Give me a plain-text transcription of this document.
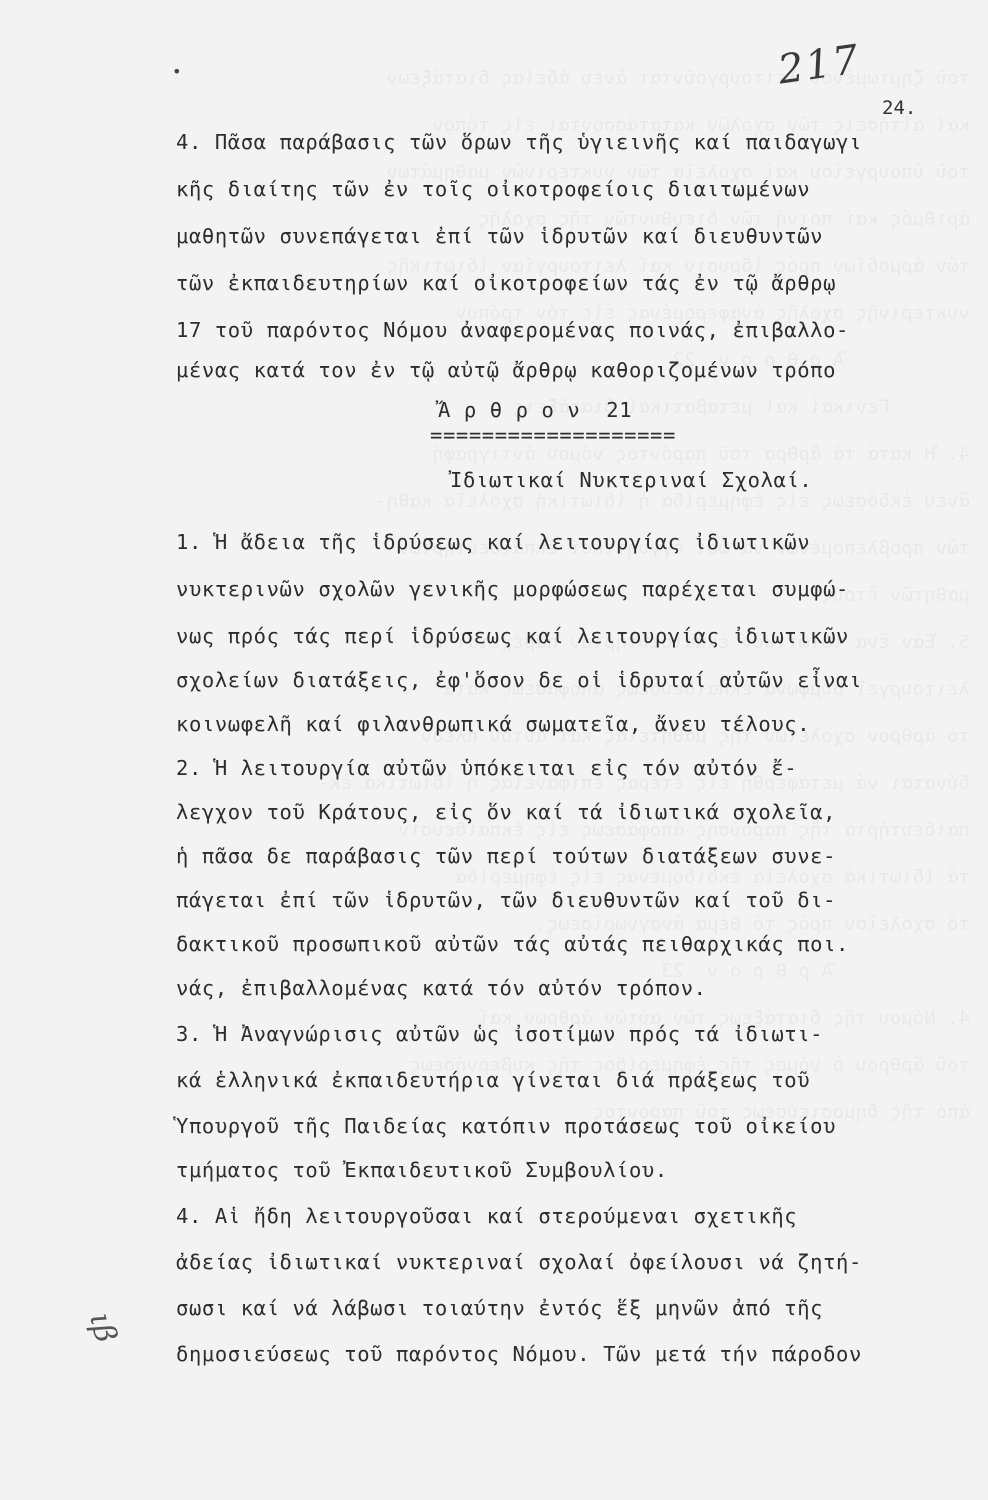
•	217
24.
4. Πᾶσα παράβασις τῶν ὅρων τῆς ὑγιεινῆς καί παιδαγωγι
κῆς διαίτης τῶν ἐν τοῖς οἰκοτροφείοις διαιτωμένων
μαθητῶν συνεπάγεται ἐπί τῶν ἱδρυτῶν καί διευθυντῶν
τῶν ἐκπαιδευτηρίων καί οἰκοτροφείων τάς ἐν τῷ ἄρθρῳ
17 τοῦ παρόντος Νόμου ἀναφερομένας ποινάς, ἐπιβαλλο-
μένας κατά τον ἐν τῷ αὐτῷ ἄρθρῳ καθοριζομένων τρόπο
Ἄ ρ θ ρ ο ν  21
===================
Ἰδιωτικαί Νυκτεριναί Σχολαί.
1. Ἡ ἄδεια τῆς ἱδρύσεως καί λειτουργίας ἰδιωτικῶν
νυκτερινῶν σχολῶν γενικῆς μορφώσεως παρέχεται συμφώ-
νως πρός τάς περί ἱδρύσεως καί λειτουργίας ἰδιωτικῶν
σχολείων διατάξεις, ἐφ'ὅσον δε οἱ ἱδρυταί αὐτῶν εἶναι
κοινωφελῆ καί φιλανθρωπικά σωματεῖα, ἄνευ τέλους.
2. Ἡ λειτουργία αὐτῶν ὑπόκειται εἰς τόν αὐτόν ἔ-
λεγχον τοῦ Κράτους, εἰς ὅν καί τά ἰδιωτικά σχολεῖα,
ἡ πᾶσα δε παράβασις τῶν περί τούτων διατάξεων συνε-
πάγεται ἐπί τῶν ἱδρυτῶν, τῶν διευθυντῶν καί τοῦ δι-
δακτικοῦ προσωπικοῦ αὐτῶν τάς αὐτάς πειθαρχικάς ποι.
νάς, ἐπιβαλλομένας κατά τόν αὐτόν τρόπον.
3. Ἡ Ἀναγνώρισις αὐτῶν ὡς ἰσοτίμων πρός τά ἰδιωτι-
κά ἑλληνικά ἐκπαιδευτήρια γίνεται διά πράξεως τοῦ
Ὑπουργοῦ τῆς Παιδείας κατόπιν προτάσεως τοῦ οἰκείου
τμήματος τοῦ Ἐκπαιδευτικοῦ Συμβουλίου.
4. Αἱ ἤδη λειτουργοῦσαι καί στερούμεναι σχετικῆς
ἀδείας ἰδιωτικαί νυκτεριναί σχολαί ὀφείλουσι νά ζητή-
σωσι καί νά λάβωσι τοιαύτην ἐντός ἕξ μηνῶν ἀπό τῆς
δημοσιεύσεως τοῦ παρόντος Νόμου. Τῶν μετά τήν πάροδον
ιβ
